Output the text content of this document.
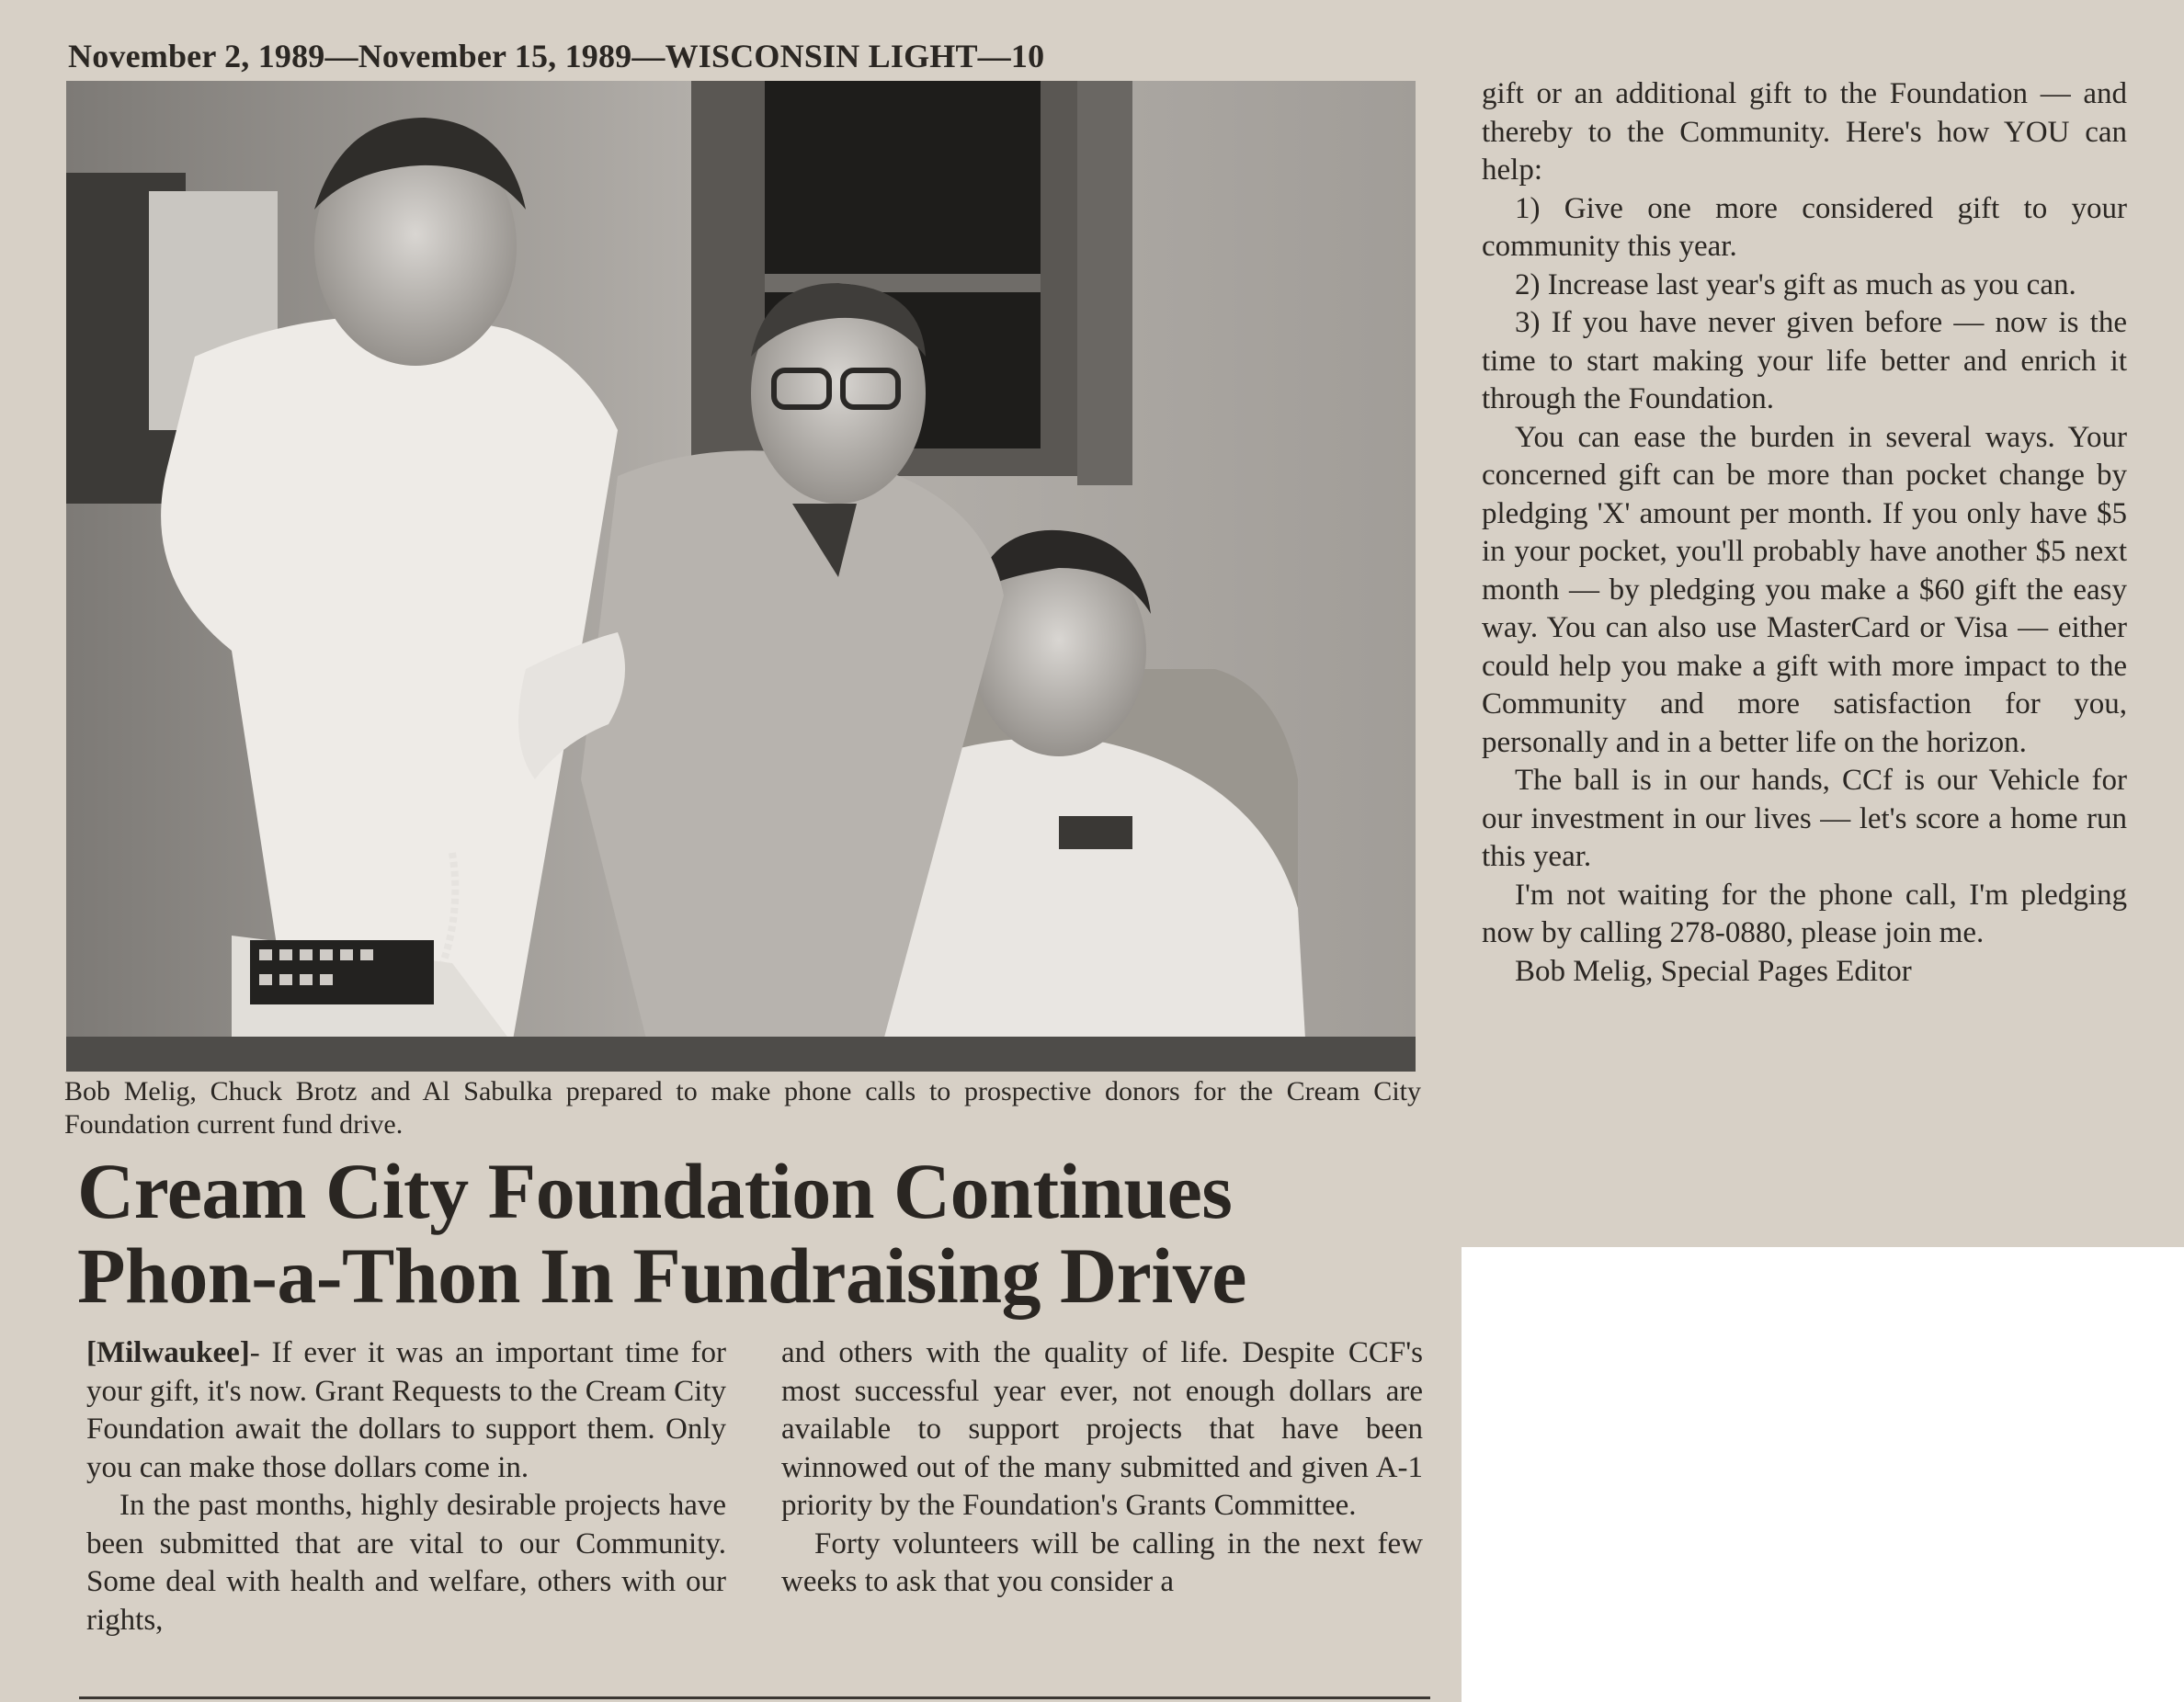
November 2, 1989—November 15, 1989—WISCONSIN LIGHT—10
Bob Melig, Chuck Brotz and Al Sabulka prepared to make phone calls to prospective donors for the Cream City Foundation current fund drive.
Cream City Foundation Continues
Phon-a-Thon In Fundraising Drive

[Milwaukee]- If ever it was an important time for your gift, it's now. Grant Requests to the Cream City Foundation await the dollars to support them. Only you can make those dollars come in.

In the past months, highly desirable projects have been submitted that are vital to our Community. Some deal with health and welfare, others with our rights,

and others with the quality of life. Despite CCF's most successful year ever, not enough dollars are available to support projects that have been winnowed out of the many submitted and given A-1 priority by the Foundation's Grants Committee.

Forty volunteers will be calling in the next few weeks to ask that you consider a

gift or an additional gift to the Foundation — and thereby to the Community. Here's how YOU can help:

1) Give one more considered gift to your community this year.

2) Increase last year's gift as much as you can.

3) If you have never given before — now is the time to start making your life better and enrich it through the Foundation.

You can ease the burden in several ways. Your concerned gift can be more than pocket change by pledging 'X' amount per month. If you only have $5 in your pocket, you'll probably have another $5 next month — by pledging you make a $60 gift the easy way. You can also use MasterCard or Visa — either could help you make a gift with more impact to the Community and more satisfaction for you, personally and in a better life on the horizon.

The ball is in our hands, CCf is our Vehicle for our investment in our lives — let's score a home run this year.

I'm not waiting for the phone call, I'm pledging now by calling 278-0880, please join me.

Bob Melig, Special Pages Editor
